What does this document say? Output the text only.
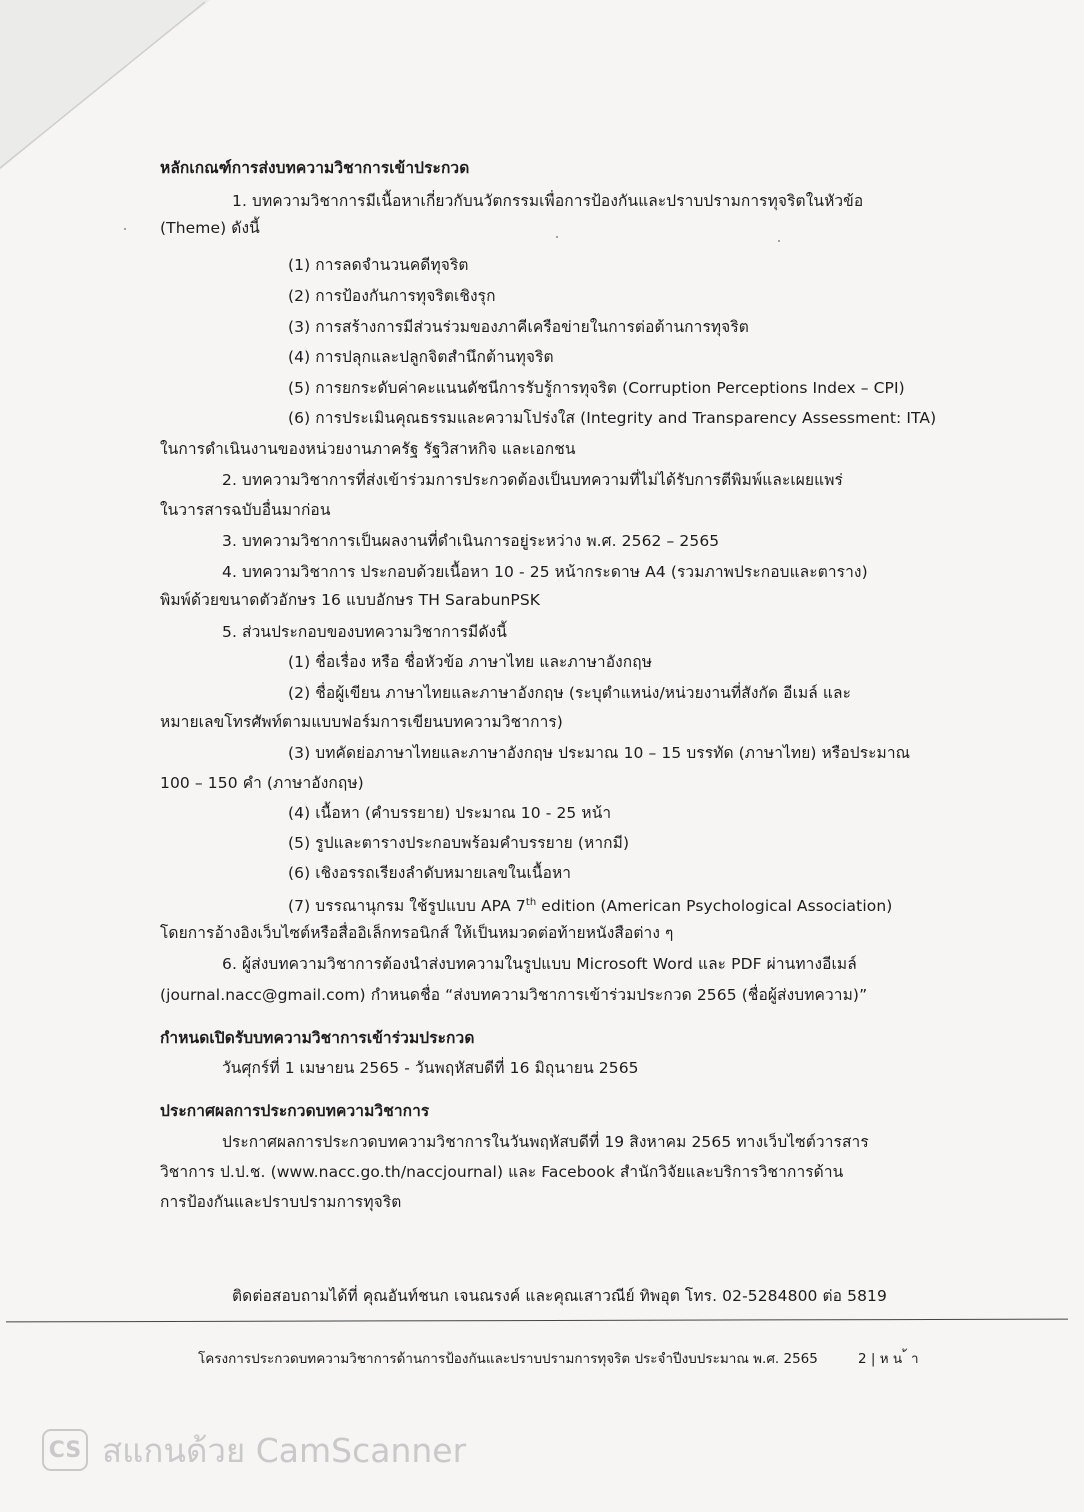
หลักเกณฑ์การส่งบทความวิชาการเข้าประกวด
1. บทความวิชาการมีเนื้อหาเกี่ยวกับนวัตกรรมเพื่อการป้องกันและปราบปรามการทุจริตในหัวข้อ
(Theme) ดังนี้
(1) การลดจำนวนคดีทุจริต
(2) การป้องกันการทุจริตเชิงรุก
(3) การสร้างการมีส่วนร่วมของภาคีเครือข่ายในการต่อต้านการทุจริต
(4) การปลุกและปลูกจิตสำนึกต้านทุจริต
(5) การยกระดับค่าคะแนนดัชนีการรับรู้การทุจริต (Corruption Perceptions Index – CPI)
(6) การประเมินคุณธรรมและความโปร่งใส (Integrity and Transparency Assessment: ITA)
ในการดำเนินงานของหน่วยงานภาครัฐ รัฐวิสาหกิจ และเอกชน
2. บทความวิชาการที่ส่งเข้าร่วมการประกวดต้องเป็นบทความที่ไม่ได้รับการตีพิมพ์และเผยแพร่
ในวารสารฉบับอื่นมาก่อน
3. บทความวิชาการเป็นผลงานที่ดำเนินการอยู่ระหว่าง พ.ศ. 2562 – 2565
4. บทความวิชาการ ประกอบด้วยเนื้อหา 10 - 25 หน้ากระดาษ A4 (รวมภาพประกอบและตาราง)
พิมพ์ด้วยขนาดตัวอักษร 16 แบบอักษร TH SarabunPSK
5. ส่วนประกอบของบทความวิชาการมีดังนี้
(1) ชื่อเรื่อง หรือ ชื่อหัวข้อ ภาษาไทย และภาษาอังกฤษ
(2) ชื่อผู้เขียน ภาษาไทยและภาษาอังกฤษ (ระบุตำแหน่ง/หน่วยงานที่สังกัด อีเมล์ และ
หมายเลขโทรศัพท์ตามแบบฟอร์มการเขียนบทความวิชาการ)
(3) บทคัดย่อภาษาไทยและภาษาอังกฤษ ประมาณ 10 – 15 บรรทัด (ภาษาไทย) หรือประมาณ
100 – 150 คำ (ภาษาอังกฤษ)
(4) เนื้อหา (คำบรรยาย) ประมาณ 10 - 25 หน้า
(5) รูปและตารางประกอบพร้อมคำบรรยาย (หากมี)
(6) เชิงอรรถเรียงลำดับหมายเลขในเนื้อหา
(7) บรรณานุกรม ใช้รูปแบบ APA 7th edition (American Psychological Association)
โดยการอ้างอิงเว็บไซต์หรือสื่ออิเล็กทรอนิกส์ ให้เป็นหมวดต่อท้ายหนังสือต่าง ๆ
6. ผู้ส่งบทความวิชาการต้องนำส่งบทความในรูปแบบ Microsoft Word และ PDF ผ่านทางอีเมล์
(journal.nacc@gmail.com) กำหนดชื่อ “ส่งบทความวิชาการเข้าร่วมประกวด 2565 (ชื่อผู้ส่งบทความ)”
กำหนดเปิดรับบทความวิชาการเข้าร่วมประกวด
วันศุกร์ที่ 1 เมษายน 2565 - วันพฤหัสบดีที่ 16 มิถุนายน 2565
ประกาศผลการประกวดบทความวิชาการ
ประกาศผลการประกวดบทความวิชาการในวันพฤหัสบดีที่ 19 สิงหาคม 2565 ทางเว็บไซต์วารสาร
วิชาการ ป.ป.ช. (www.nacc.go.th/naccjournal) และ Facebook สำนักวิจัยและบริการวิชาการด้าน
การป้องกันและปราบปรามการทุจริต
ติดต่อสอบถามได้ที่ คุณอันท์ชนก เจนณรงค์ และคุณเสาวณีย์ ทิพอุต โทร. 02-5284800 ต่อ 5819
โครงการประกวดบทความวิชาการด้านการป้องกันและปราบปรามการทุจริต ประจำปีงบประมาณ พ.ศ. 2565	2 | ห น ้ า
CS สแกนด้วย CamScanner
